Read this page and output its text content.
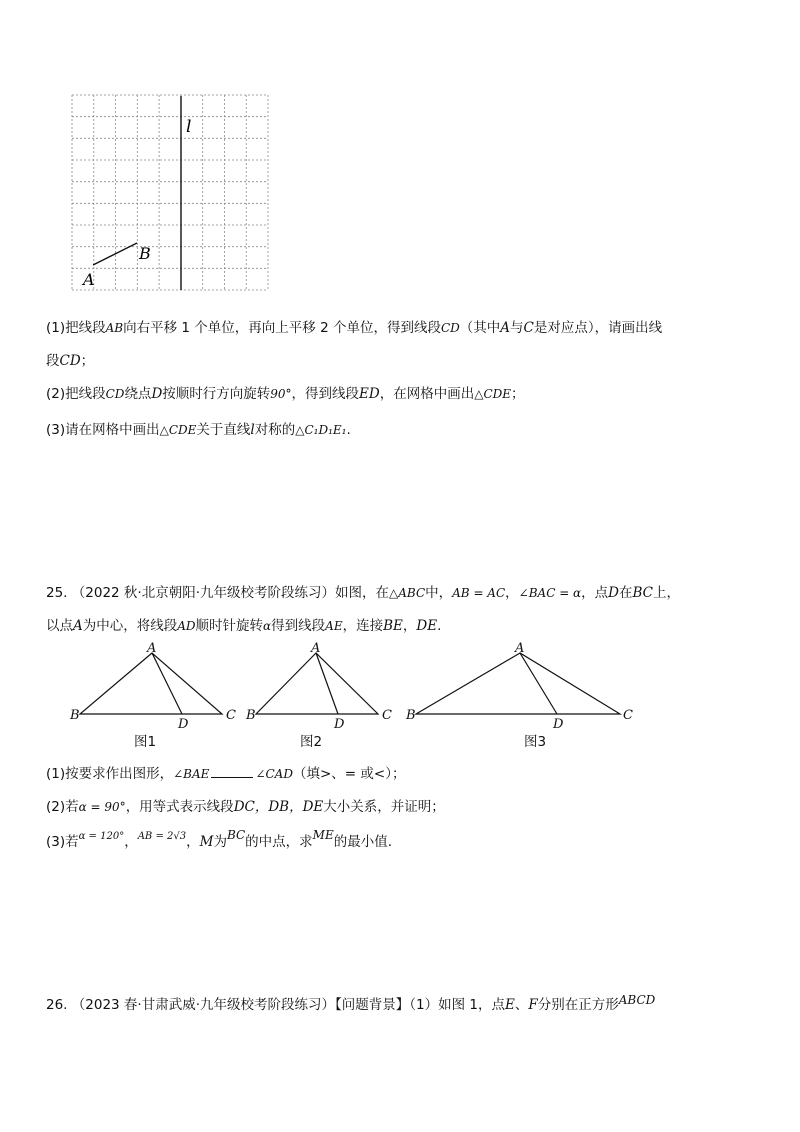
l
A
B
(1)把线段AB向右平移 1 个单位，再向上平移 2 个单位，得到线段CD（其中A与C是对应点），请画出线
段CD；
(2)把线段CD绕点D按顺时行方向旋转90°，得到线段ED，在网格中画出△CDE；
(3)请在网格中画出△CDE关于直线l对称的△C₁D₁E₁.
25. （2022 秋·北京朝阳·九年级校考阶段练习）如图，在△ABC中，AB = AC，∠BAC = α，点D在BC上，
以点A为中心，将线段AD顺时针旋转α得到线段AE，连接BE，DE.
A
B	C
D
A
B	C
D
A
B	C
D
图1	图2	图3
(1)按要求作出图形，∠BAE	∠CAD（填>、= 或<）；
(2)若α = 90°，用等式表示线段DC，DB，DE大小关系，并证明；
(3)若$^{\alpha = 120^\circ}$，$^{AB = 2√3}$，M为BC的中点，求ME的最小值.
26. （2023 春·甘肃武威·九年级校考阶段练习）【问题背景】（1）如图 1，点E、F分别在正方形ABCD
